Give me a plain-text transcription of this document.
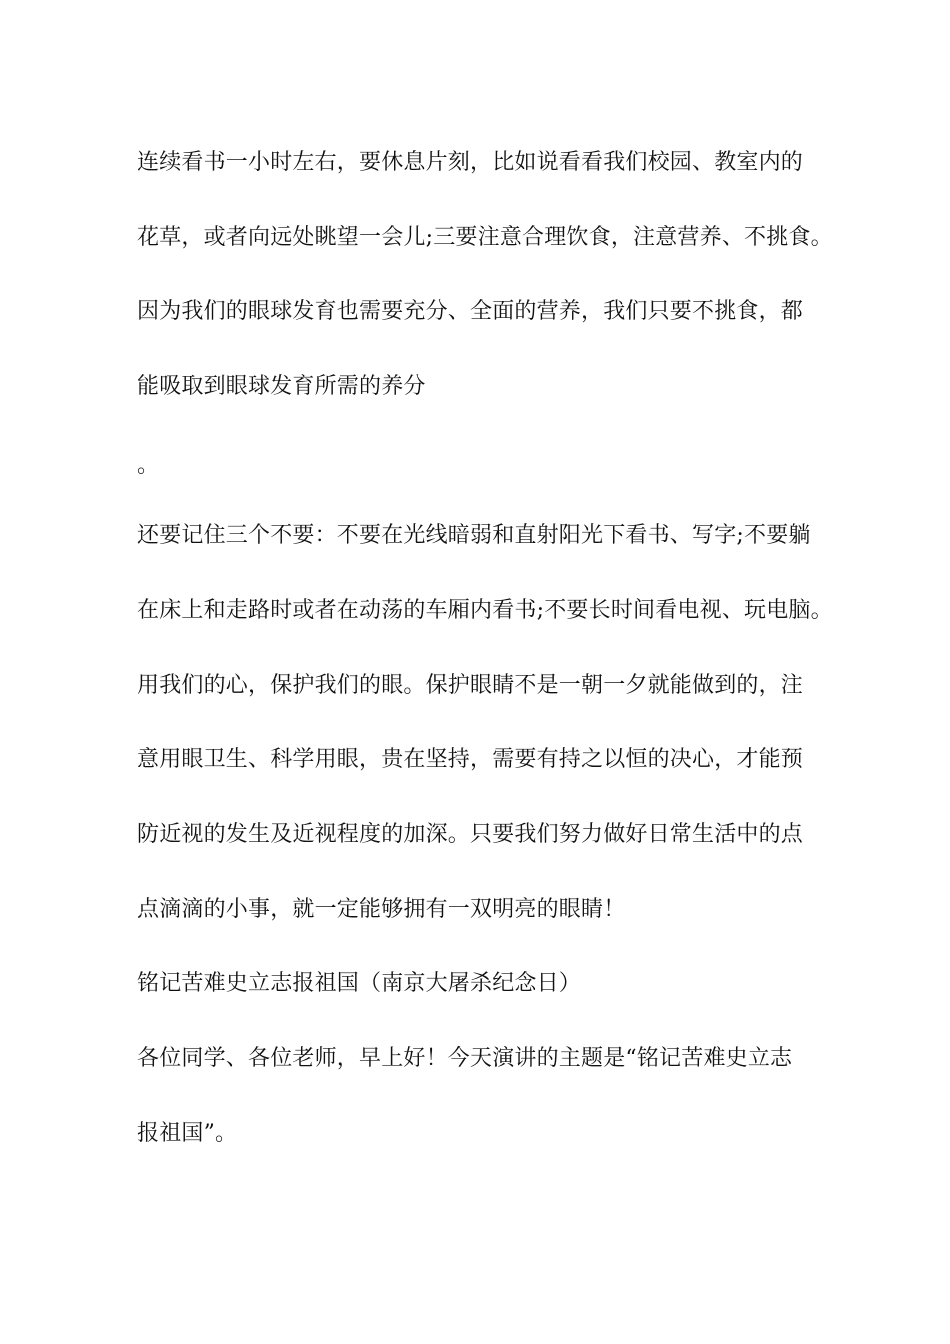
连续看书一小时左右，要休息片刻，比如说看看我们校园、教室内的
花草，或者向远处眺望一会儿;三要注意合理饮食，注意营养、不挑食。
因为我们的眼球发育也需要充分、全面的营养，我们只要不挑食，都
能吸取到眼球发育所需的养分
。
还要记住三个不要：不要在光线暗弱和直射阳光下看书、写字;不要躺
在床上和走路时或者在动荡的车厢内看书;不要长时间看电视、玩电脑。
用我们的心，保护我们的眼。保护眼睛不是一朝一夕就能做到的，注
意用眼卫生、科学用眼，贵在坚持，需要有持之以恒的决心，才能预
防近视的发生及近视程度的加深。只要我们努力做好日常生活中的点
点滴滴的小事，就一定能够拥有一双明亮的眼睛！
铭记苦难史立志报祖国（南京大屠杀纪念日）
各位同学、各位老师，早上好！今天演讲的主题是“铭记苦难史立志
报祖国”。
